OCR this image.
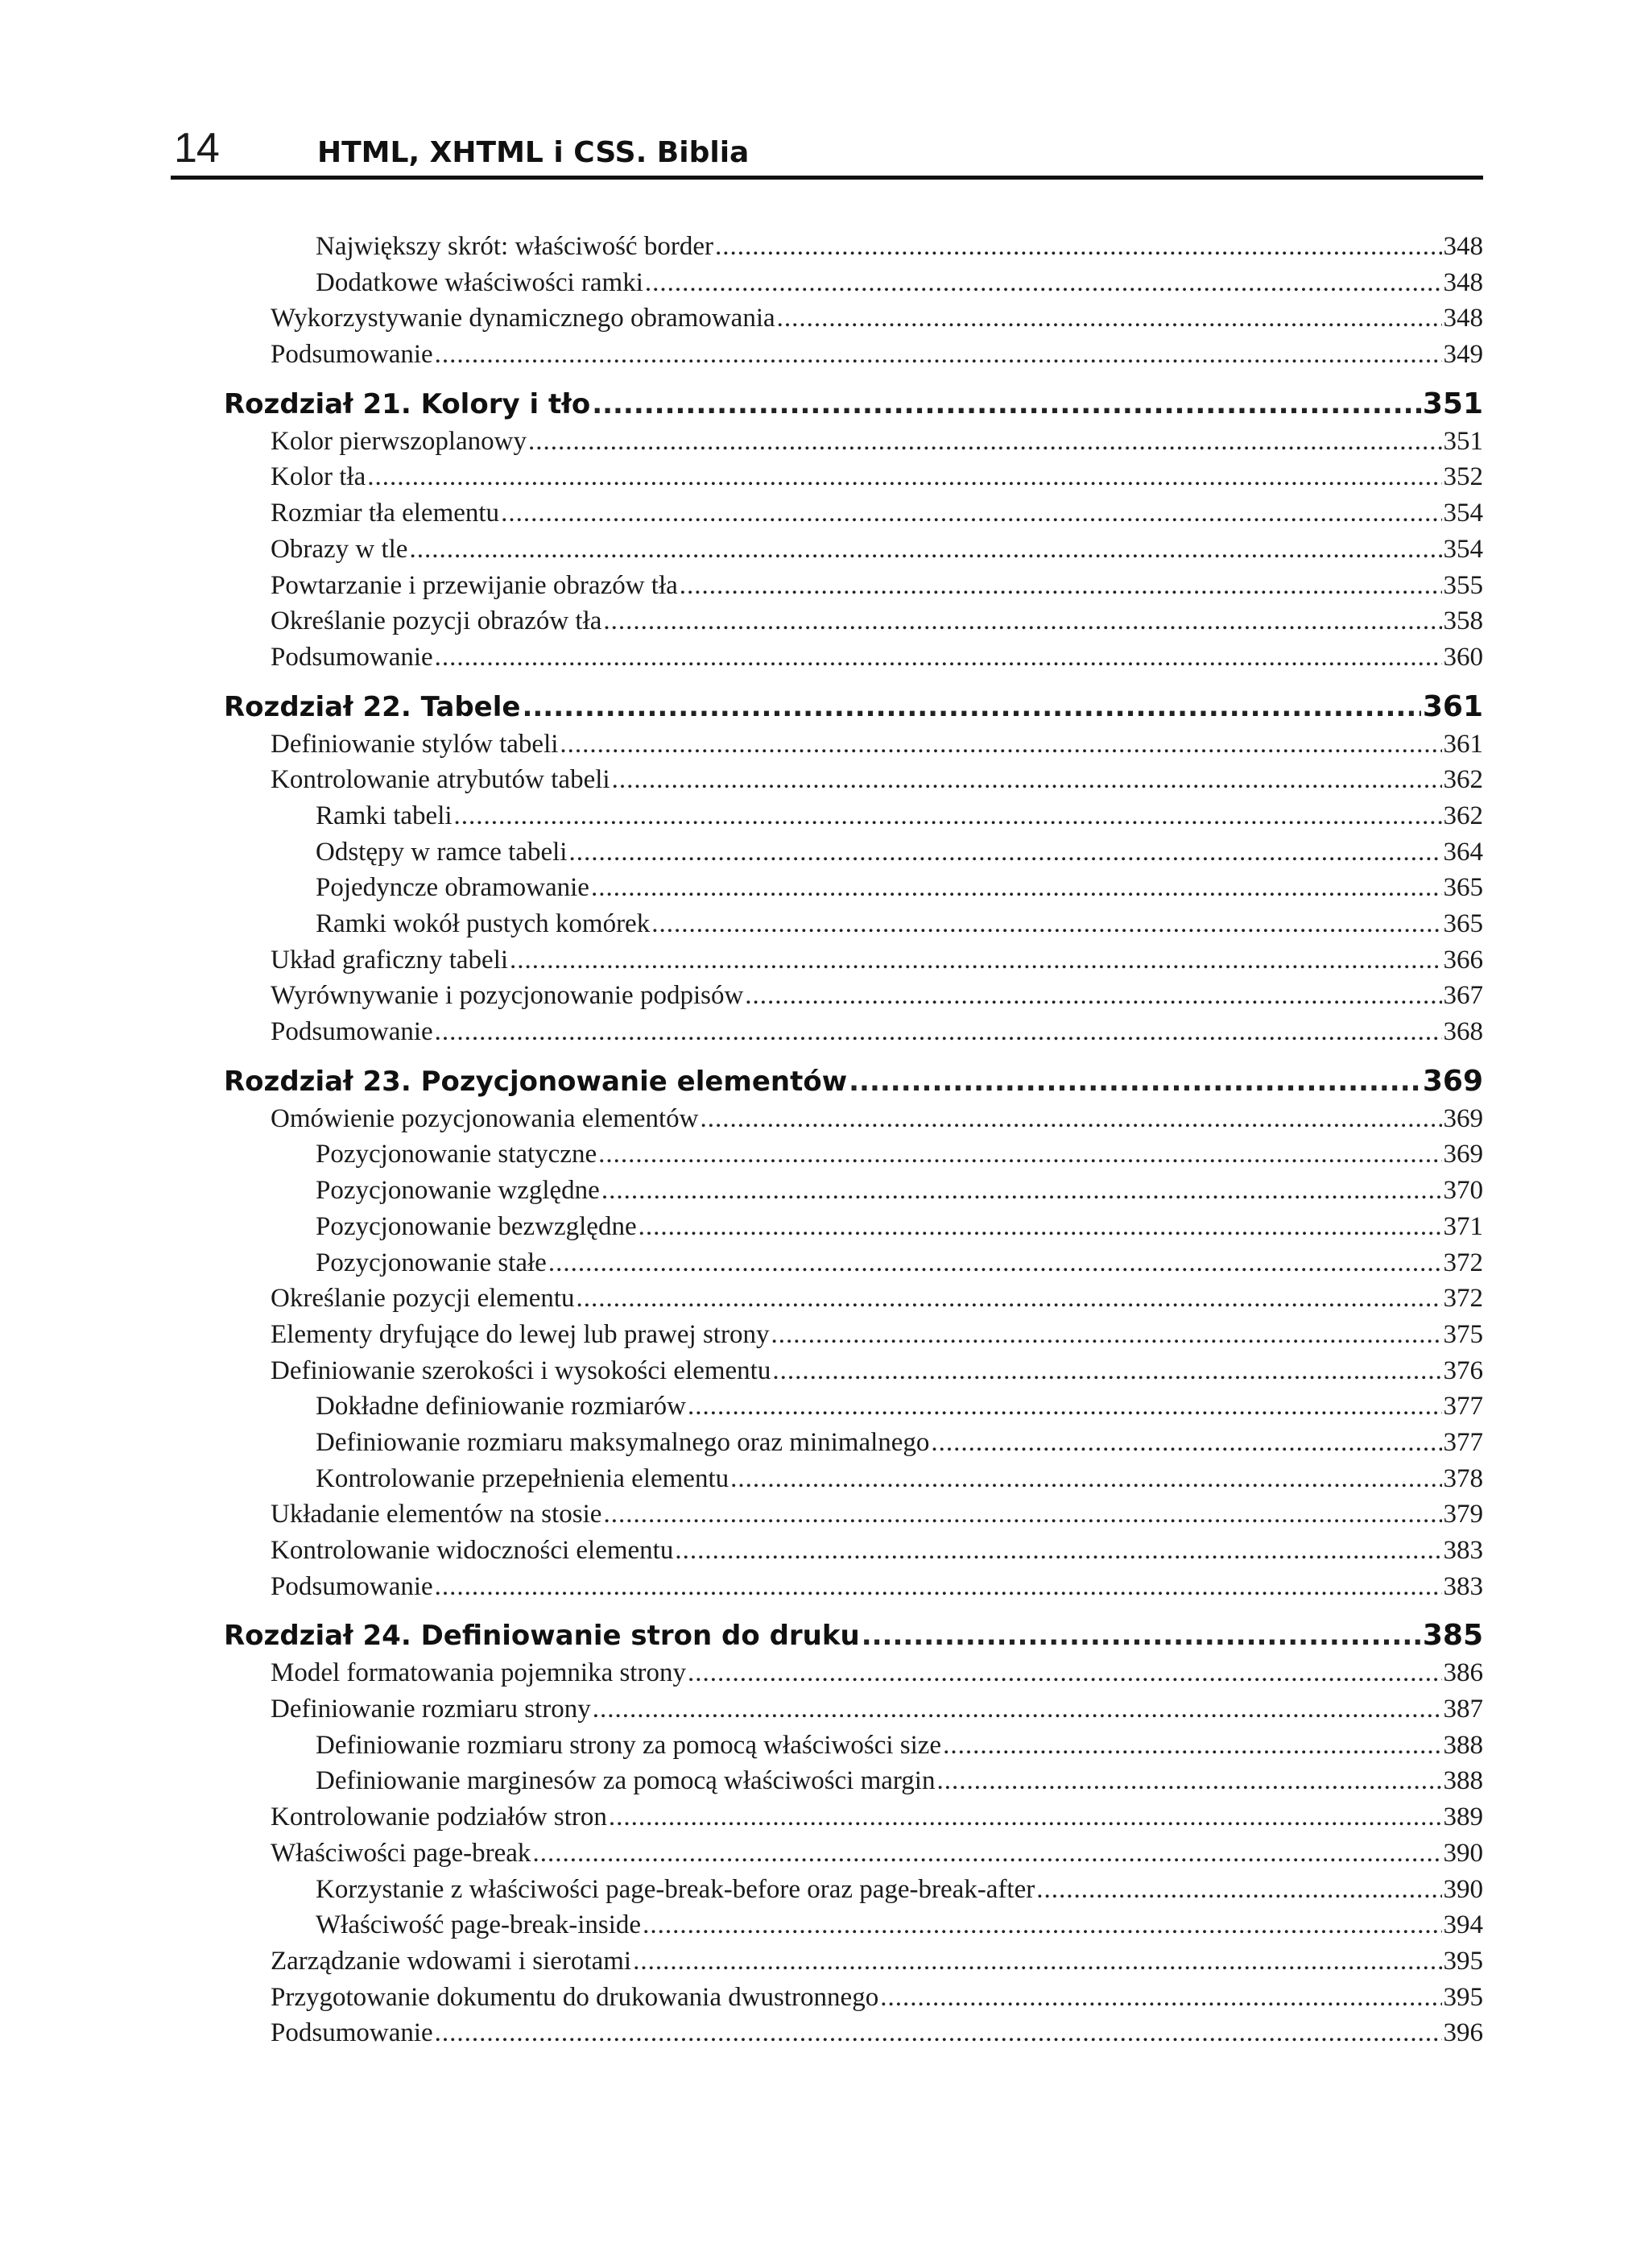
14	HTML, XHTML i CSS. Biblia
Największy skrót: właściwość border .....	348
Dodatkowe właściwości ramki .....	348
Wykorzystywanie dynamicznego obramowania .....	348
Podsumowanie .....	349
Rozdział 21. Kolory i tło .....	351
Kolor pierwszoplanowy .....	351
Kolor tła .....	352
Rozmiar tła elementu .....	354
Obrazy w tle .....	354
Powtarzanie i przewijanie obrazów tła .....	355
Określanie pozycji obrazów tła .....	358
Podsumowanie .....	360
Rozdział 22. Tabele .....	361
Definiowanie stylów tabeli .....	361
Kontrolowanie atrybutów tabeli .....	362
Ramki tabeli .....	362
Odstępy w ramce tabeli .....	364
Pojedyncze obramowanie .....	365
Ramki wokół pustych komórek .....	365
Układ graficzny tabeli .....	366
Wyrównywanie i pozycjonowanie podpisów .....	367
Podsumowanie .....	368
Rozdział 23. Pozycjonowanie elementów .....	369
Omówienie pozycjonowania elementów .....	369
Pozycjonowanie statyczne .....	369
Pozycjonowanie względne .....	370
Pozycjonowanie bezwzględne .....	371
Pozycjonowanie stałe .....	372
Określanie pozycji elementu .....	372
Elementy dryfujące do lewej lub prawej strony .....	375
Definiowanie szerokości i wysokości elementu .....	376
Dokładne definiowanie rozmiarów .....	377
Definiowanie rozmiaru maksymalnego oraz minimalnego .....	377
Kontrolowanie przepełnienia elementu .....	378
Układanie elementów na stosie .....	379
Kontrolowanie widoczności elementu .....	383
Podsumowanie .....	383
Rozdział 24. Definiowanie stron do druku .....	385
Model formatowania pojemnika strony .....	386
Definiowanie rozmiaru strony .....	387
Definiowanie rozmiaru strony za pomocą właściwości size .....	388
Definiowanie marginesów za pomocą właściwości margin .....	388
Kontrolowanie podziałów stron .....	389
Właściwości page-break .....	390
Korzystanie z właściwości page-break-before oraz page-break-after .....	390
Właściwość page-break-inside .....	394
Zarządzanie wdowami i sierotami .....	395
Przygotowanie dokumentu do drukowania dwustronnego .....	395
Podsumowanie .....	396
